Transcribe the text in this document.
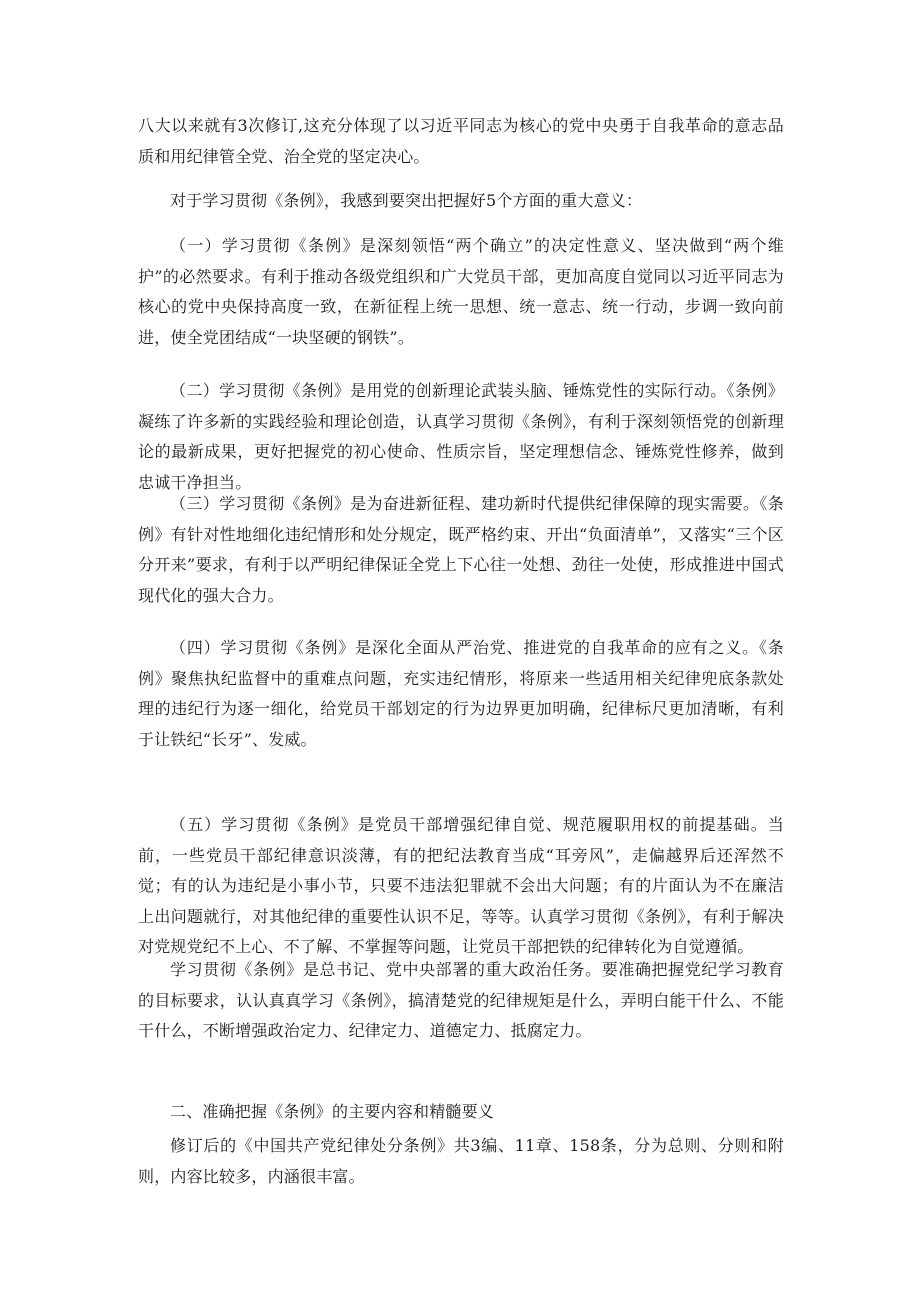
八大以来就有3次修订,这充分体现了以习近平同志为核心的党中央勇于自我革命的意志品质和用纪律管全党、治全党的坚定决心。

对于学习贯彻《条例》，我感到要突出把握好5个方面的重大意义：

（一）学习贯彻《条例》是深刻领悟“两个确立”的决定性意义、坚决做到“两个维护”的必然要求。有利于推动各级党组织和广大党员干部，更加高度自觉同以习近平同志为核心的党中央保持高度一致，在新征程上统一思想、统一意志、统一行动，步调一致向前进，使全党团结成“一块坚硬的钢铁”。

（二）学习贯彻《条例》是用党的创新理论武装头脑、锤炼党性的实际行动。《条例》凝练了许多新的实践经验和理论创造，认真学习贯彻《条例》，有利于深刻领悟党的创新理论的最新成果，更好把握党的初心使命、性质宗旨，坚定理想信念、锤炼党性修养，做到忠诚干净担当。

（三）学习贯彻《条例》是为奋进新征程、建功新时代提供纪律保障的现实需要。《条例》有针对性地细化违纪情形和处分规定，既严格约束、开出“负面清单”，又落实“三个区分开来”要求，有利于以严明纪律保证全党上下心往一处想、劲往一处使，形成推进中国式现代化的强大合力。

（四）学习贯彻《条例》是深化全面从严治党、推进党的自我革命的应有之义。《条例》聚焦执纪监督中的重难点问题，充实违纪情形，将原来一些适用相关纪律兜底条款处理的违纪行为逐一细化，给党员干部划定的行为边界更加明确，纪律标尺更加清晰，有利于让铁纪“长牙”、发威。

（五）学习贯彻《条例》是党员干部增强纪律自觉、规范履职用权的前提基础。当前，一些党员干部纪律意识淡薄，有的把纪法教育当成“耳旁风”，走偏越界后还浑然不觉；有的认为违纪是小事小节，只要不违法犯罪就不会出大问题；有的片面认为不在廉洁上出问题就行，对其他纪律的重要性认识不足，等等。认真学习贯彻《条例》，有利于解决对党规党纪不上心、不了解、不掌握等问题，让党员干部把铁的纪律转化为自觉遵循。

学习贯彻《条例》是总书记、党中央部署的重大政治任务。要准确把握党纪学习教育的目标要求，认认真真学习《条例》，搞清楚党的纪律规矩是什么，弄明白能干什么、不能干什么，不断增强政治定力、纪律定力、道德定力、抵腐定力。

二、准确把握《条例》的主要内容和精髓要义

修订后的《中国共产党纪律处分条例》共3编、11章、158条，分为总则、分则和附则，内容比较多，内涵很丰富。
